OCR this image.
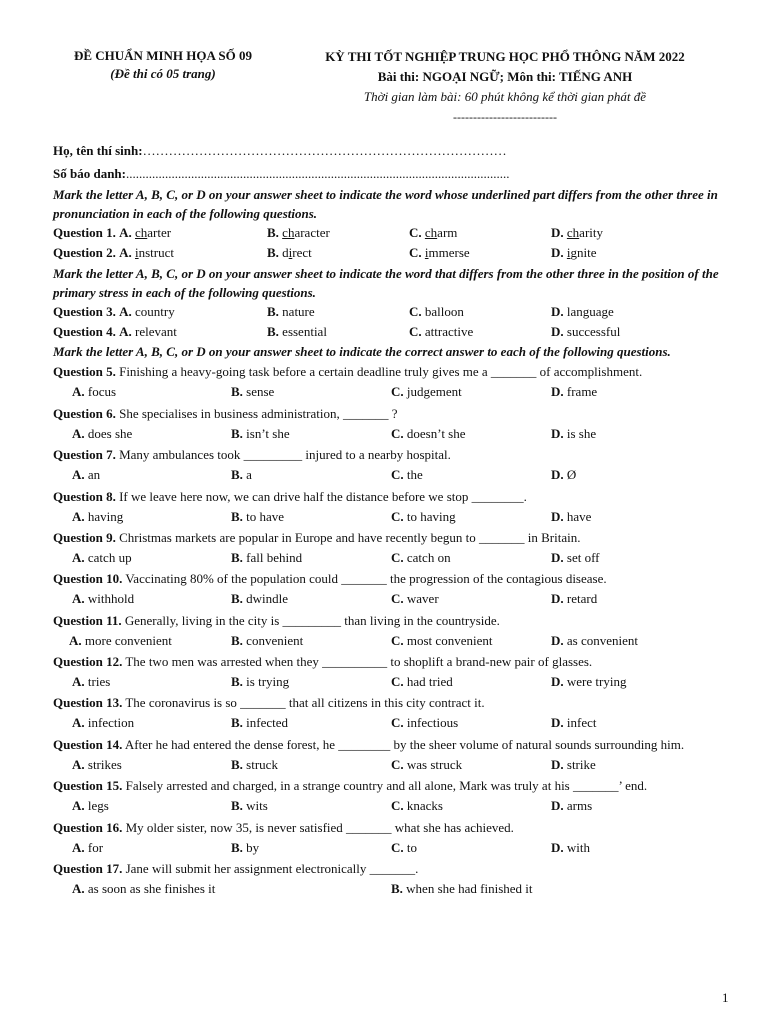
ĐỀ CHUẨN MINH HỌA SỐ 09
(Đề thi có 05 trang)
KỲ THI TỐT NGHIỆP TRUNG HỌC PHỔ THÔNG NĂM 2022
Bài thi: NGOẠI NGỮ; Môn thi: TIẾNG ANH
Thời gian làm bài: 60 phút không kể thời gian phát đề
--------------------------
Họ, tên thí sinh:…………………………………………………………………………
Số báo danh:......................................................................................................................
Mark the letter A, B, C, or D on your answer sheet to indicate the word whose underlined part differs from the other three in pronunciation in each of the following questions.
Question 1. A. charter	B. character	C. charm	D. charity
Question 2. A. instruct	B. direct	C. immerse	D. ignite
Mark the letter A, B, C, or D on your answer sheet to indicate the word that differs from the other three in the position of the primary stress in each of the following questions.
Question 3. A. country	B. nature	C. balloon	D. language
Question 4. A. relevant	B. essential	C. attractive	D. successful
Mark the letter A, B, C, or D on your answer sheet to indicate the correct answer to each of the following questions.
Question 5. Finishing a heavy-going task before a certain deadline truly gives me a _______ of accomplishment.
A. focus	B. sense	C. judgement	D. frame
Question 6. She specialises in business administration, _______ ?
A. does she	B. isn’t she	C. doesn’t she	D. is she
Question 7. Many ambulances took _________ injured to a nearby hospital.
A. an	B. a	C. the	D. Ø
Question 8. If we leave here now, we can drive half the distance before we stop ________.
A. having	B. to have	C. to having	D. have
Question 9. Christmas markets are popular in Europe and have recently begun to _______ in Britain.
A. catch up	B. fall behind	C. catch on	D. set off
Question 10. Vaccinating 80% of the population could _______ the progression of the contagious disease.
A. withhold	B. dwindle	C. waver	D. retard
Question 11. Generally, living in the city is _________ than living in the countryside.
A. more convenient	B. convenient	C. most convenient	D. as convenient
Question 12. The two men was arrested when they __________ to shoplift a brand-new pair of glasses.
A. tries	B. is trying	C. had tried	D. were trying
Question 13. The coronavirus is so _______ that all citizens in this city contract it.
A. infection	B. infected	C. infectious	D. infect
Question 14. After he had entered the dense forest, he ________ by the sheer volume of natural sounds surrounding him.
A. strikes	B. struck	C. was struck	D. strike
Question 15. Falsely arrested and charged, in a strange country and all alone, Mark was truly at his _______’ end.
A. legs	B. wits	C. knacks	D. arms
Question 16. My older sister, now 35, is never satisfied _______ what she has achieved.
A. for	B. by	C. to	D. with
Question 17. Jane will submit her assignment electronically _______.
A. as soon as she finishes it	B. when she had finished it
1
